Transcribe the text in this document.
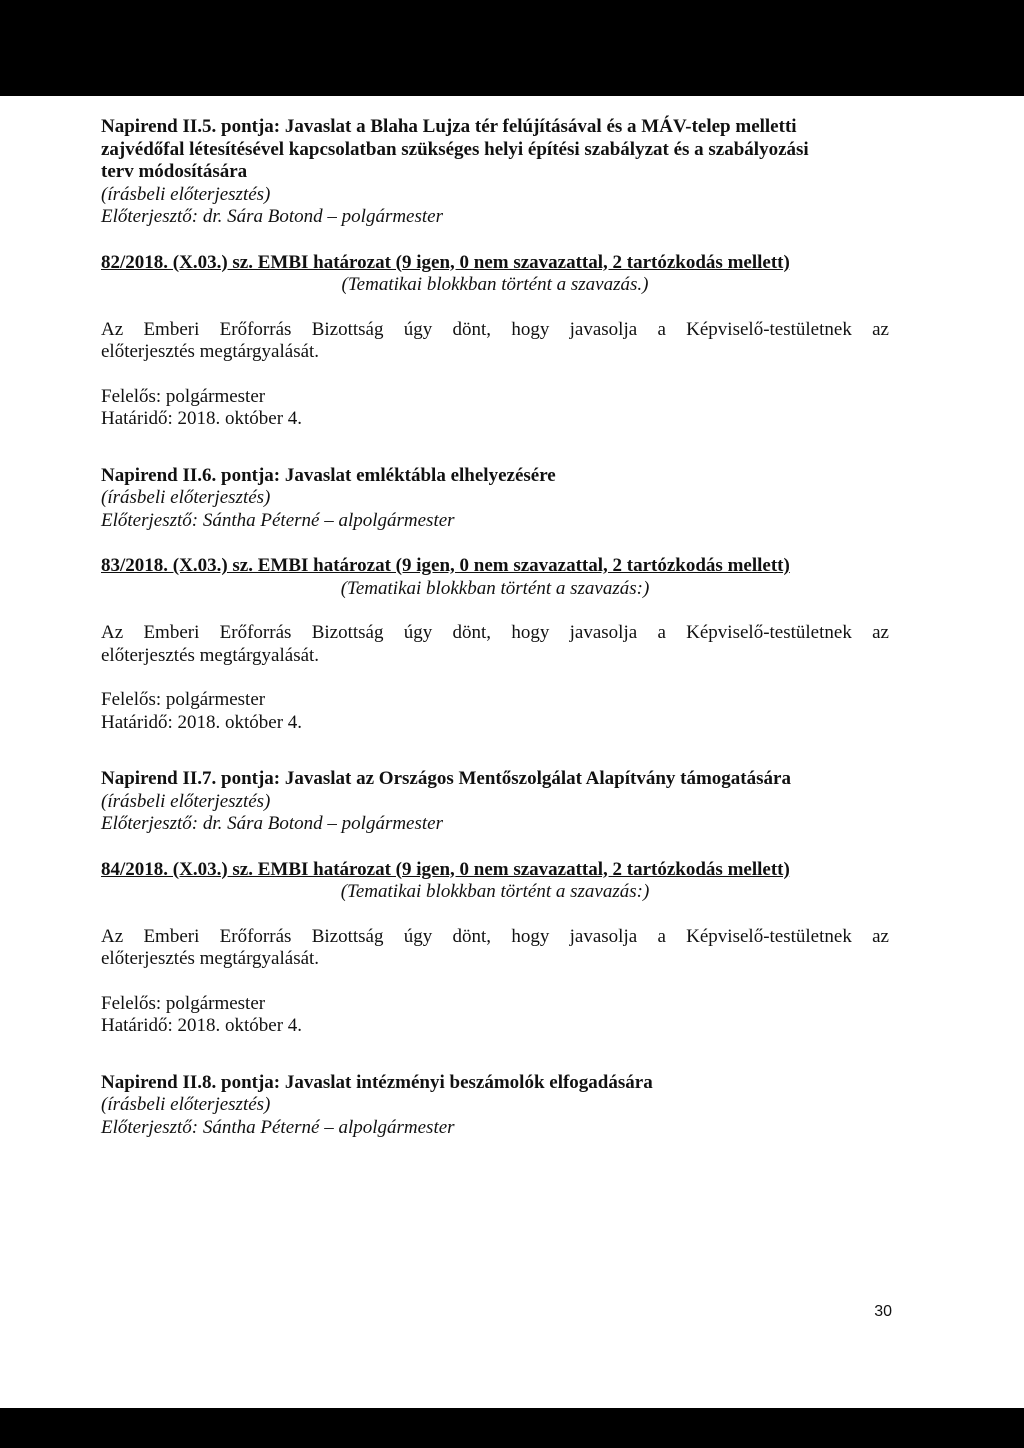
Napirend II.5. pontja: Javaslat a Blaha Lujza tér felújításával és a MÁV-telep melletti
zajvédőfal létesítésével kapcsolatban szükséges helyi építési szabályzat és a szabályozási
terv módosítására
(írásbeli előterjesztés)
Előterjesztő: dr. Sára Botond – polgármester
82/2018. (X.03.) sz. EMBI határozat (9 igen, 0 nem szavazattal, 2 tartózkodás mellett)
(Tematikai blokkban történt a szavazás.)
Az Emberi Erőforrás Bizottság úgy dönt, hogy javasolja a Képviselő-testületnek az
előterjesztés megtárgyalását.
Felelős: polgármester
Határidő: 2018. október 4.
Napirend II.6. pontja: Javaslat emléktábla elhelyezésére
(írásbeli előterjesztés)
Előterjesztő: Sántha Péterné – alpolgármester
83/2018. (X.03.) sz. EMBI határozat (9 igen, 0 nem szavazattal, 2 tartózkodás mellett)
(Tematikai blokkban történt a szavazás:)
Az Emberi Erőforrás Bizottság úgy dönt, hogy javasolja a Képviselő-testületnek az
előterjesztés megtárgyalását.
Felelős: polgármester
Határidő: 2018. október 4.
Napirend II.7. pontja: Javaslat az Országos Mentőszolgálat Alapítvány támogatására
(írásbeli előterjesztés)
Előterjesztő: dr. Sára Botond – polgármester
84/2018. (X.03.) sz. EMBI határozat (9 igen, 0 nem szavazattal, 2 tartózkodás mellett)
(Tematikai blokkban történt a szavazás:)
Az Emberi Erőforrás Bizottság úgy dönt, hogy javasolja a Képviselő-testületnek az
előterjesztés megtárgyalását.
Felelős: polgármester
Határidő: 2018. október 4.
Napirend II.8. pontja: Javaslat intézményi beszámolók elfogadására
(írásbeli előterjesztés)
Előterjesztő: Sántha Péterné – alpolgármester
30
